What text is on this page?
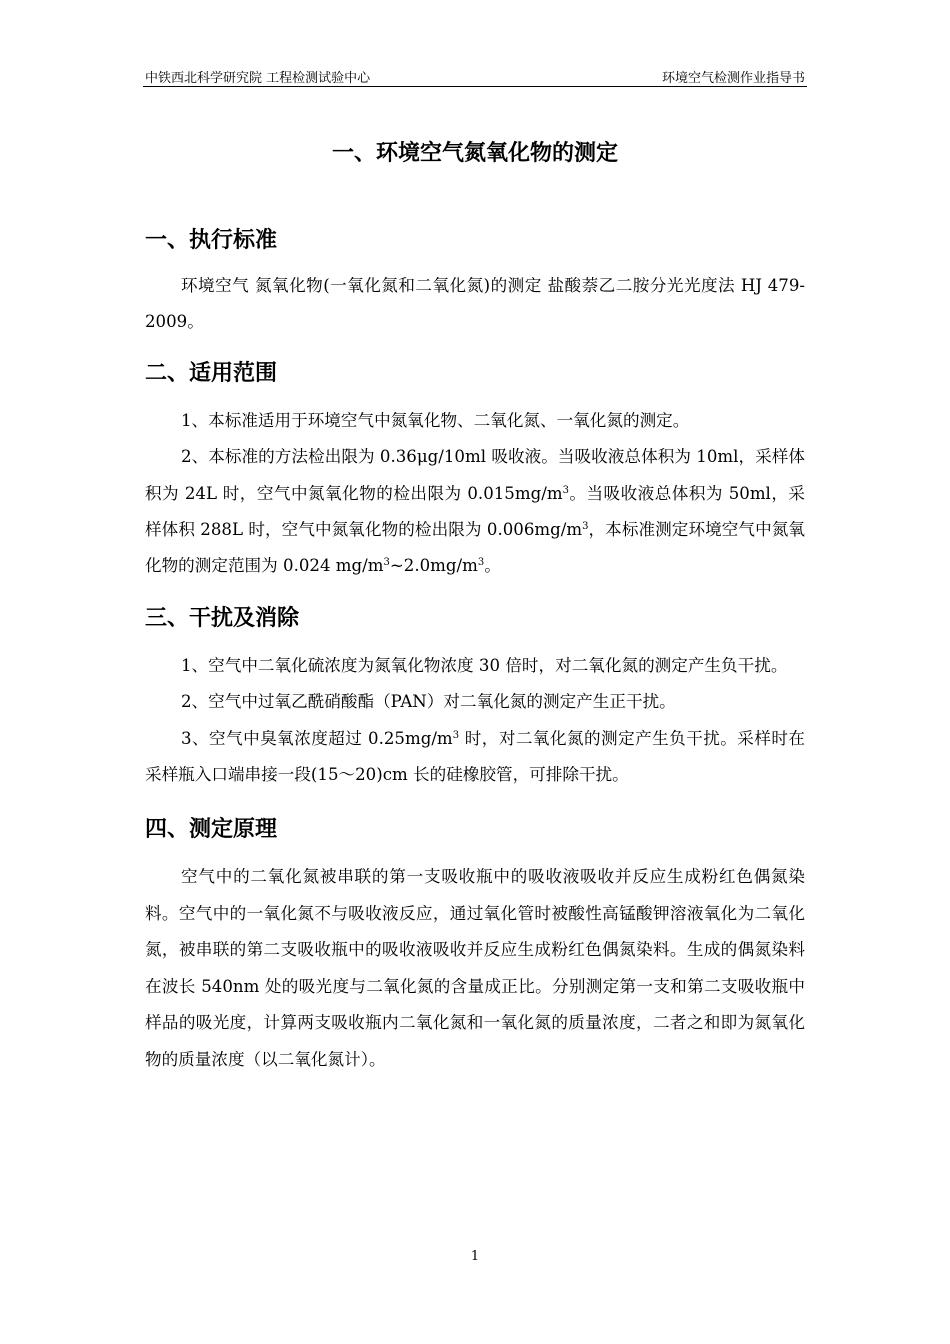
中铁西北科学研究院 工程检测试验中心	环境空气检测作业指导书
一、环境空气氮氧化物的测定
一、执行标准

环境空气 氮氧化物(一氧化氮和二氧化氮)的测定 盐酸萘乙二胺分光光度法 HJ 479-2009。

二、适用范围

1、本标准适用于环境空气中氮氧化物、二氧化氮、一氧化氮的测定。

2、本标准的方法检出限为 0.36μg/10ml 吸收液。当吸收液总体积为 10ml，采样体积为 24L 时，空气中氮氧化物的检出限为 $0.015mg/m^3$。当吸收液总体积为 50ml，采样体积 288L 时，空气中氮氧化物的检出限为 $0.006mg/m^3$，本标准测定环境空气中氮氧化物的测定范围为 0.024 $mg/m^3\sim 2.0mg/m^3$。

三、干扰及消除

1、空气中二氧化硫浓度为氮氧化物浓度 30 倍时，对二氧化氮的测定产生负干扰。

2、空气中过氧乙酰硝酸酯（PAN）对二氧化氮的测定产生正干扰。

3、空气中臭氧浓度超过 $0.25mg/m^3$ 时，对二氧化氮的测定产生负干扰。采样时在采样瓶入口端串接一段(15～20)cm 长的硅橡胶管，可排除干扰。

四、测定原理

空气中的二氧化氮被串联的第一支吸收瓶中的吸收液吸收并反应生成粉红色偶氮染料。空气中的一氧化氮不与吸收液反应，通过氧化管时被酸性高锰酸钾溶液氧化为二氧化氮，被串联的第二支吸收瓶中的吸收液吸收并反应生成粉红色偶氮染料。生成的偶氮染料在波长 540nm 处的吸光度与二氧化氮的含量成正比。分别测定第一支和第二支吸收瓶中样品的吸光度，计算两支吸收瓶内二氧化氮和一氧化氮的质量浓度，二者之和即为氮氧化物的质量浓度（以二氧化氮计）。

1
